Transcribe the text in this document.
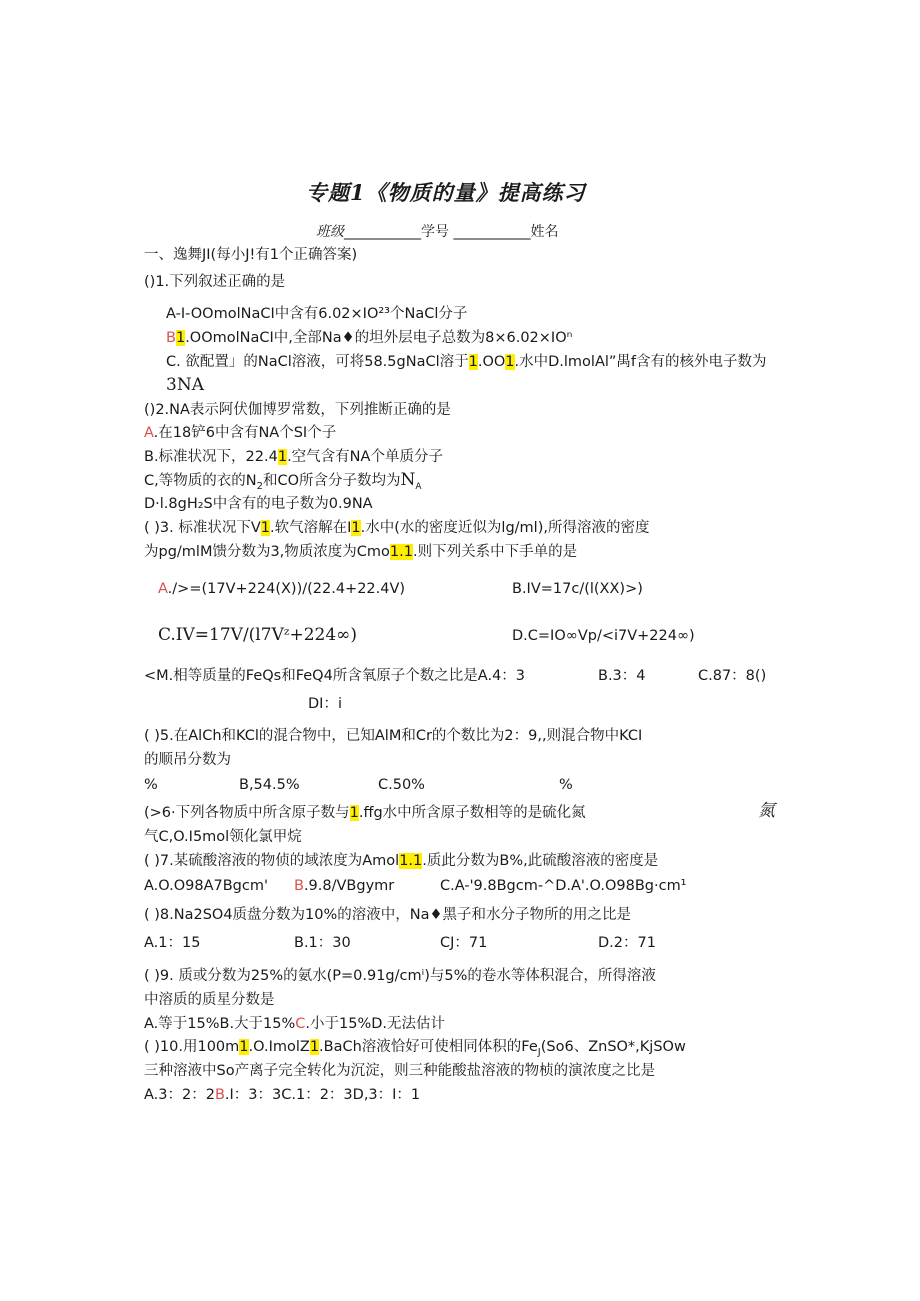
专题1《物质的量》提高练习
班级___________学号 ___________姓名
一、逸舞JI(每小J!有1个正确答案)
()1.下列叙述正确的是
A-I-OOmolNaCI中含有6.02×IO²³个NaCl分子
B1.OOmolNaCI中,全部Na♦的坦外层电子总数为8×6.02×IOⁿ
C. 欲配置」的NaCl溶液，可将58.5gNaCl溶于1.OO1.水中D.lmolAl”禺f含有的核外电子数为
3NA
()2.NA表示阿伏伽博罗常数，下列推断正确的是
A.在18铲6中含有NA个SI个子
B.标准状况下，22.41.空气含有NA个单质分子
C,等物质的衣的$N_2$和CO所含分子数均为$N_A$
D·l.8gH₂S中含有的电子数为0.9NA
( )3. 标准状况下V1.软气溶解在I1.水中(水的密度近似为lg∕ml),所得溶液的密度
为pg/mlM馈分数为3,物质浓度为Cmo1.1.则下列关系中下手单的是
A./>=(17V+224(X))/(22.4+22.4V)	B.IV=17c∕(l(XX)>)
C.IV=17V∕(l7Vᶻ+224∞)	D.C=IO∞Vp∕<i7V+224∞)
<M.相等质量的FeQs和FeQ4所含氧原子个数之比是A.4：3	B.3：4	C.87：8()
DI：i
( )5.在AlCh和KCl的混合物中，已知AlM和Cr的个数比为2：9,,则混合物中KCI
的顺吊分数为
%	B,54.5%	C.50%	%
(>6·下列各物质中所含原子数与1.ffg水中所含原子数相等的是硫化氮	氮
气C,O.I5mol领化氯甲烷
( )7.某硫酸溶液的物侦的域浓度为Amol1.1.质此分数为B%,此硫酸溶液的密度是
A.O.O98A7Bgcm' B.9.8/VBgymr	C.A-'9.8Bgcm-^D.A'.O.O98Bg·cm¹
( )8.Na2SO4质盘分数为10%的溶液中，Na♦黑子和水分子物所的用之比是
A.1：15	B.1：30	CJ：71	D.2：71
( )9. 质或分数为25%的氨水(P=0.91g∕cmⁱ)与5%的卷水等体积混合，所得溶液
中溶质的质星分数是
A.等于15%B.大于15%C.小于15%D.无法估计
( )10.用100m1.O.ImolZ1.BaCh溶液恰好可使相同体积的$Fe_J(So6$、ZnSO*,KjSOw
三种溶液中So产离子完全转化为沉淀，则三种能酸盐溶液的物桢的演浓度之比是
A.3：2：2B.I：3：3C.1：2：3D,3：I：1
